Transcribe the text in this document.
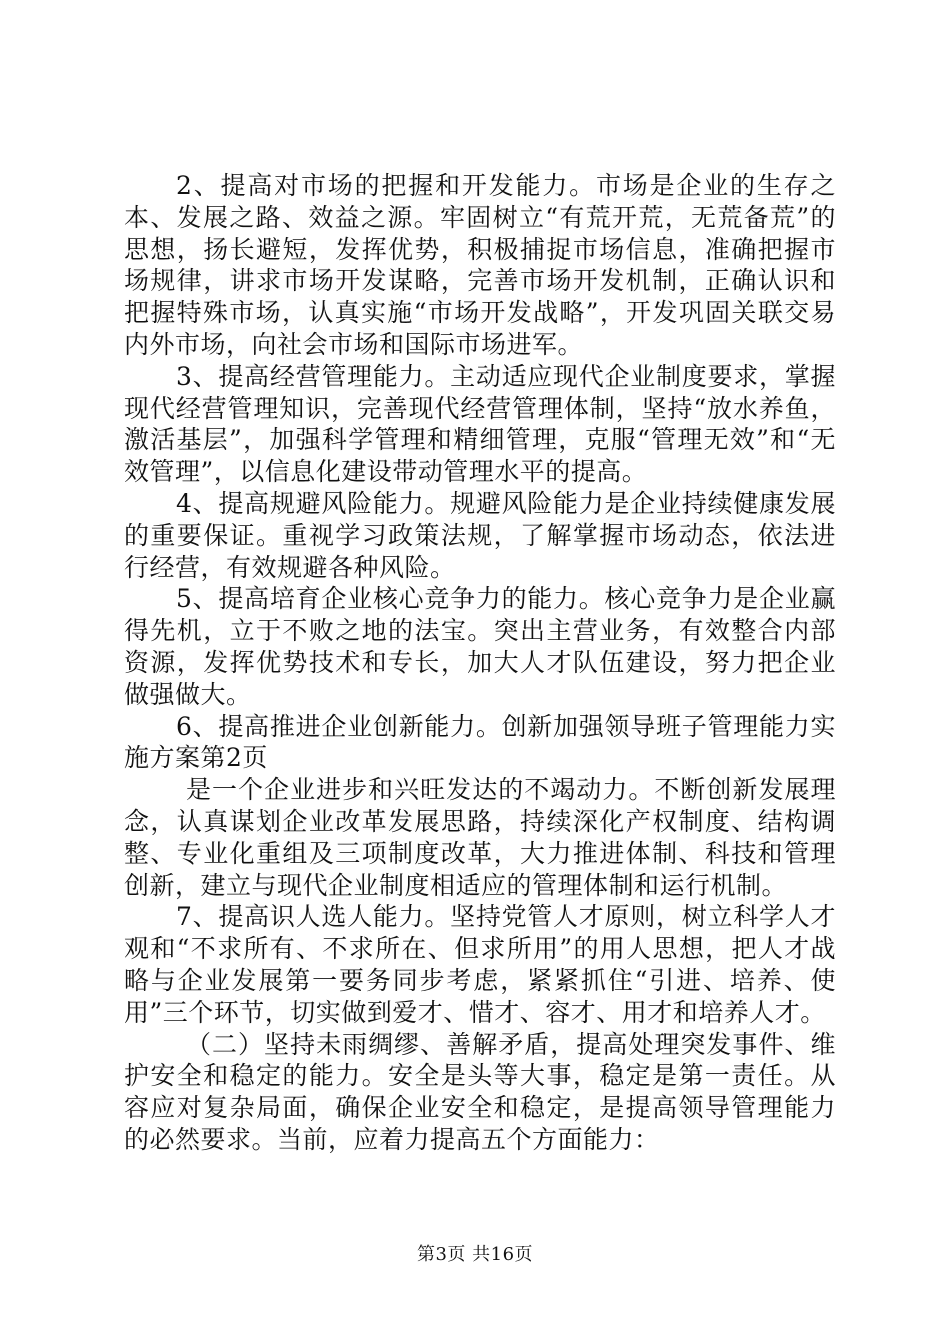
2、提高对市场的把握和开发能力。市场是企业的生存之本、发展之路、效益之源。牢固树立“有荒开荒，无荒备荒”的思想，扬长避短，发挥优势，积极捕捉市场信息，准确把握市场规律，讲求市场开发谋略，完善市场开发机制，正确认识和把握特殊市场，认真实施“市场开发战略”，开发巩固关联交易内外市场，向社会市场和国际市场进军。

3、提高经营管理能力。主动适应现代企业制度要求，掌握现代经营管理知识，完善现代经营管理体制，坚持“放水养鱼，激活基层”，加强科学管理和精细管理，克服“管理无效”和“无效管理”，以信息化建设带动管理水平的提高。

4、提高规避风险能力。规避风险能力是企业持续健康发展的重要保证。重视学习政策法规，了解掌握市场动态，依法进行经营，有效规避各种风险。

5、提高培育企业核心竞争力的能力。核心竞争力是企业赢得先机，立于不败之地的法宝。突出主营业务，有效整合内部资源，发挥优势技术和专长，加大人才队伍建设，努力把企业做强做大。

6、提高推进企业创新能力。创新加强领导班子管理能力实施方案第2页

是一个企业进步和兴旺发达的不竭动力。不断创新发展理念，认真谋划企业改革发展思路，持续深化产权制度、结构调整、专业化重组及三项制度改革，大力推进体制、科技和管理创新，建立与现代企业制度相适应的管理体制和运行机制。

7、提高识人选人能力。坚持党管人才原则，树立科学人才观和“不求所有、不求所在、但求所用”的用人思想，把人才战略与企业发展第一要务同步考虑，紧紧抓住“引进、培养、使用”三个环节，切实做到爱才、惜才、容才、用才和培养人才。

（二）坚持未雨绸缪、善解矛盾，提高处理突发事件、维护安全和稳定的能力。安全是头等大事，稳定是第一责任。从容应对复杂局面，确保企业安全和稳定，是提高领导管理能力的必然要求。当前，应着力提高五个方面能力：

第3页 共16页
